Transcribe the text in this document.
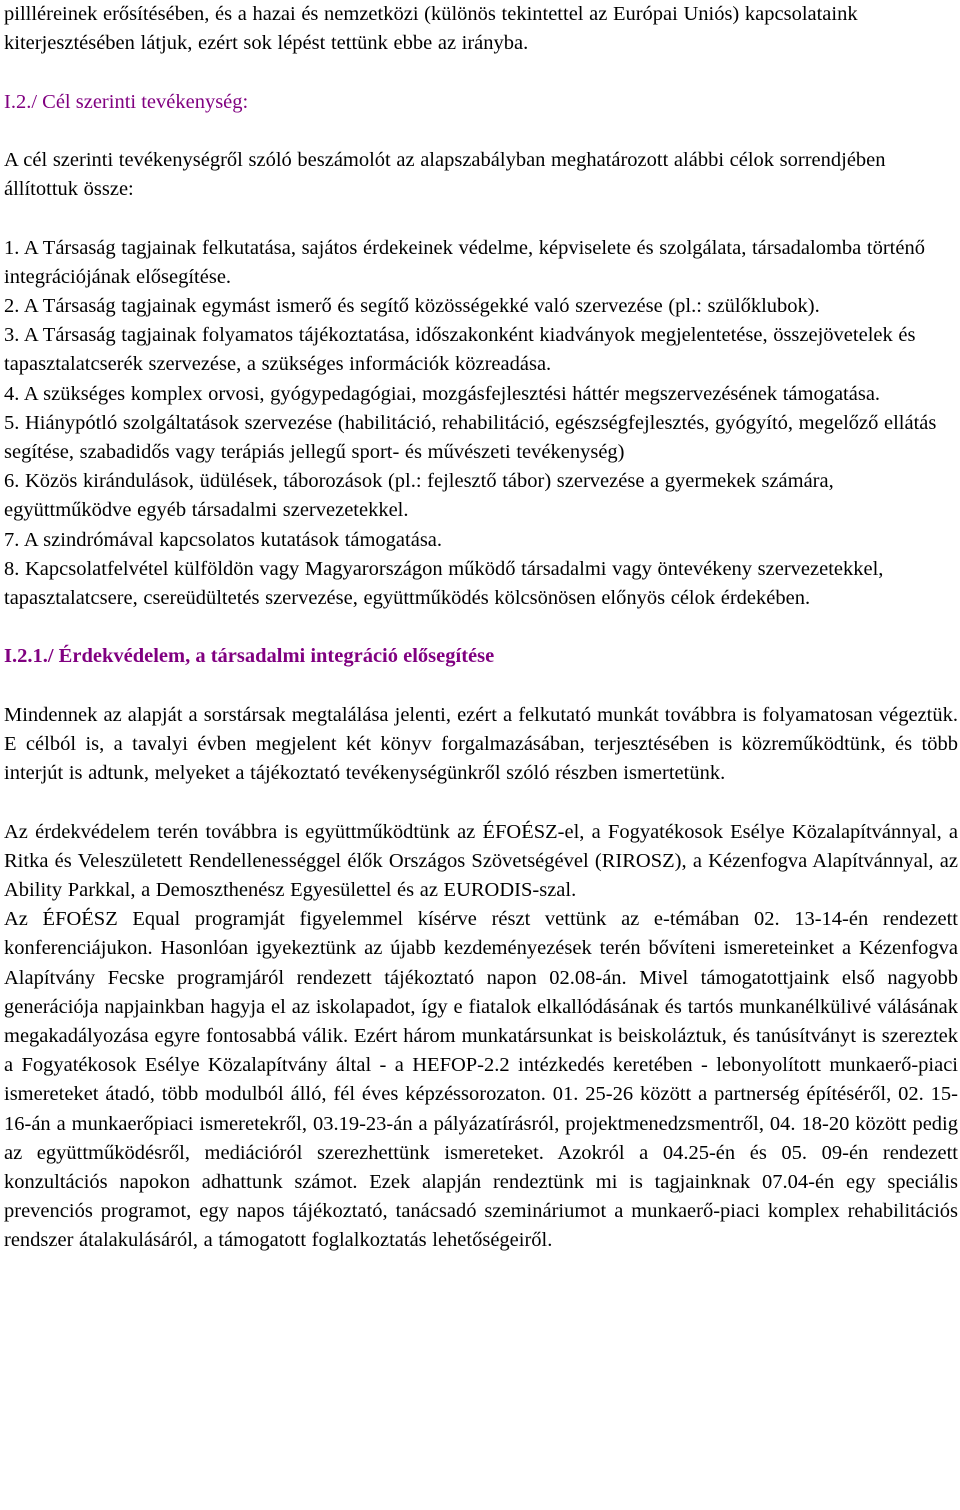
pillléreinek erősítésében, és a hazai és nemzetközi (különös tekintettel az Európai Uniós) kapcsolataink kiterjesztésében látjuk, ezért sok lépést tettünk ebbe az irányba.

I.2./ Cél szerinti tevékenység:

A cél szerinti tevékenységről szóló beszámolót az alapszabályban meghatározott alábbi célok sorrendjében állítottuk össze:

1. A Társaság tagjainak felkutatása, sajátos érdekeinek védelme, képviselete és szolgálata, társadalomba történő integrációjának elősegítése.

2. A Társaság tagjainak egymást ismerő és segítő közösségekké való szervezése (pl.: szülőklubok).

3. A Társaság tagjainak folyamatos tájékoztatása, időszakonként kiadványok megjelentetése, összejövetelek és tapasztalatcserék szervezése, a szükséges információk közreadása.

4. A szükséges komplex orvosi, gyógypedagógiai, mozgásfejlesztési háttér megszervezésének támogatása.

5. Hiánypótló szolgáltatások szervezése (habilitáció, rehabilitáció, egészségfejlesztés, gyógyító, megelőző ellátás segítése, szabadidős vagy terápiás jellegű sport- és művészeti tevékenység)

6. Közös kirándulások, üdülések, táborozások (pl.: fejlesztő tábor) szervezése a gyermekek számára, együttműködve egyéb társadalmi szervezetekkel.

7. A szindrómával kapcsolatos kutatások támogatása.

8. Kapcsolatfelvétel külföldön vagy Magyarországon működő társadalmi vagy öntevékeny szervezetekkel, tapasztalatcsere, csereüdültetés szervezése, együttműködés kölcsönösen előnyös célok érdekében.

I.2.1./ Érdekvédelem, a társadalmi integráció elősegítése

Mindennek az alapját a sorstársak megtalálása jelenti, ezért a felkutató munkát továbbra is folyamatosan végeztük. E célból is, a tavalyi évben megjelent két könyv forgalmazásában, terjesztésében is közreműködtünk, és több interjút is adtunk, melyeket a tájékoztató tevékenységünkről szóló részben ismertetünk.

Az érdekvédelem terén továbbra is együttműködtünk az ÉFOÉSZ-el, a Fogyatékosok Esélye Közalapítvánnyal, a Ritka és Veleszületett Rendellenességgel élők Országos Szövetségével (RIROSZ), a Kézenfogva Alapítvánnyal, az Ability Parkkal, a Demoszthenész Egyesülettel és az EURODIS-szal.

Az ÉFOÉSZ Equal programját figyelemmel kísérve részt vettünk az e-témában 02. 13-14-én rendezett konferenciájukon. Hasonlóan igyekeztünk az újabb kezdeményezések terén bővíteni ismereteinket a Kézenfogva Alapítvány Fecske programjáról rendezett tájékoztató napon 02.08-án. Mivel támogatottjaink első nagyobb generációja napjainkban hagyja el az iskolapadot, így e fiatalok elkallódásának és tartós munkanélkülivé válásának megakadályozása egyre fontosabbá válik. Ezért három munkatársunkat is beiskoláztuk, és tanúsítványt is szereztek a Fogyatékosok Esélye Közalapítvány által - a HEFOP-2.2 intézkedés keretében - lebonyolított munkaerő-piaci ismereteket átadó, több modulból álló, fél éves képzéssorozaton. 01. 25-26 között a partnerség építéséről, 02. 15-16-án a munkaerőpiaci ismeretekről, 03.19-23-án a pályázatírásról, projektmenedzsmentről, 04. 18-20 között pedig az együttműködésről, mediációról szerezhettünk ismereteket. Azokról a 04.25-én és 05. 09-én rendezett konzultációs napokon adhattunk számot. Ezek alapján rendeztünk mi is tagjainknak 07.04-én egy speciális prevenciós programot, egy napos tájékoztató, tanácsadó szemináriumot a munkaerő-piaci komplex rehabilitációs rendszer átalakulásáról, a támogatott foglalkoztatás lehetőségeiről.
